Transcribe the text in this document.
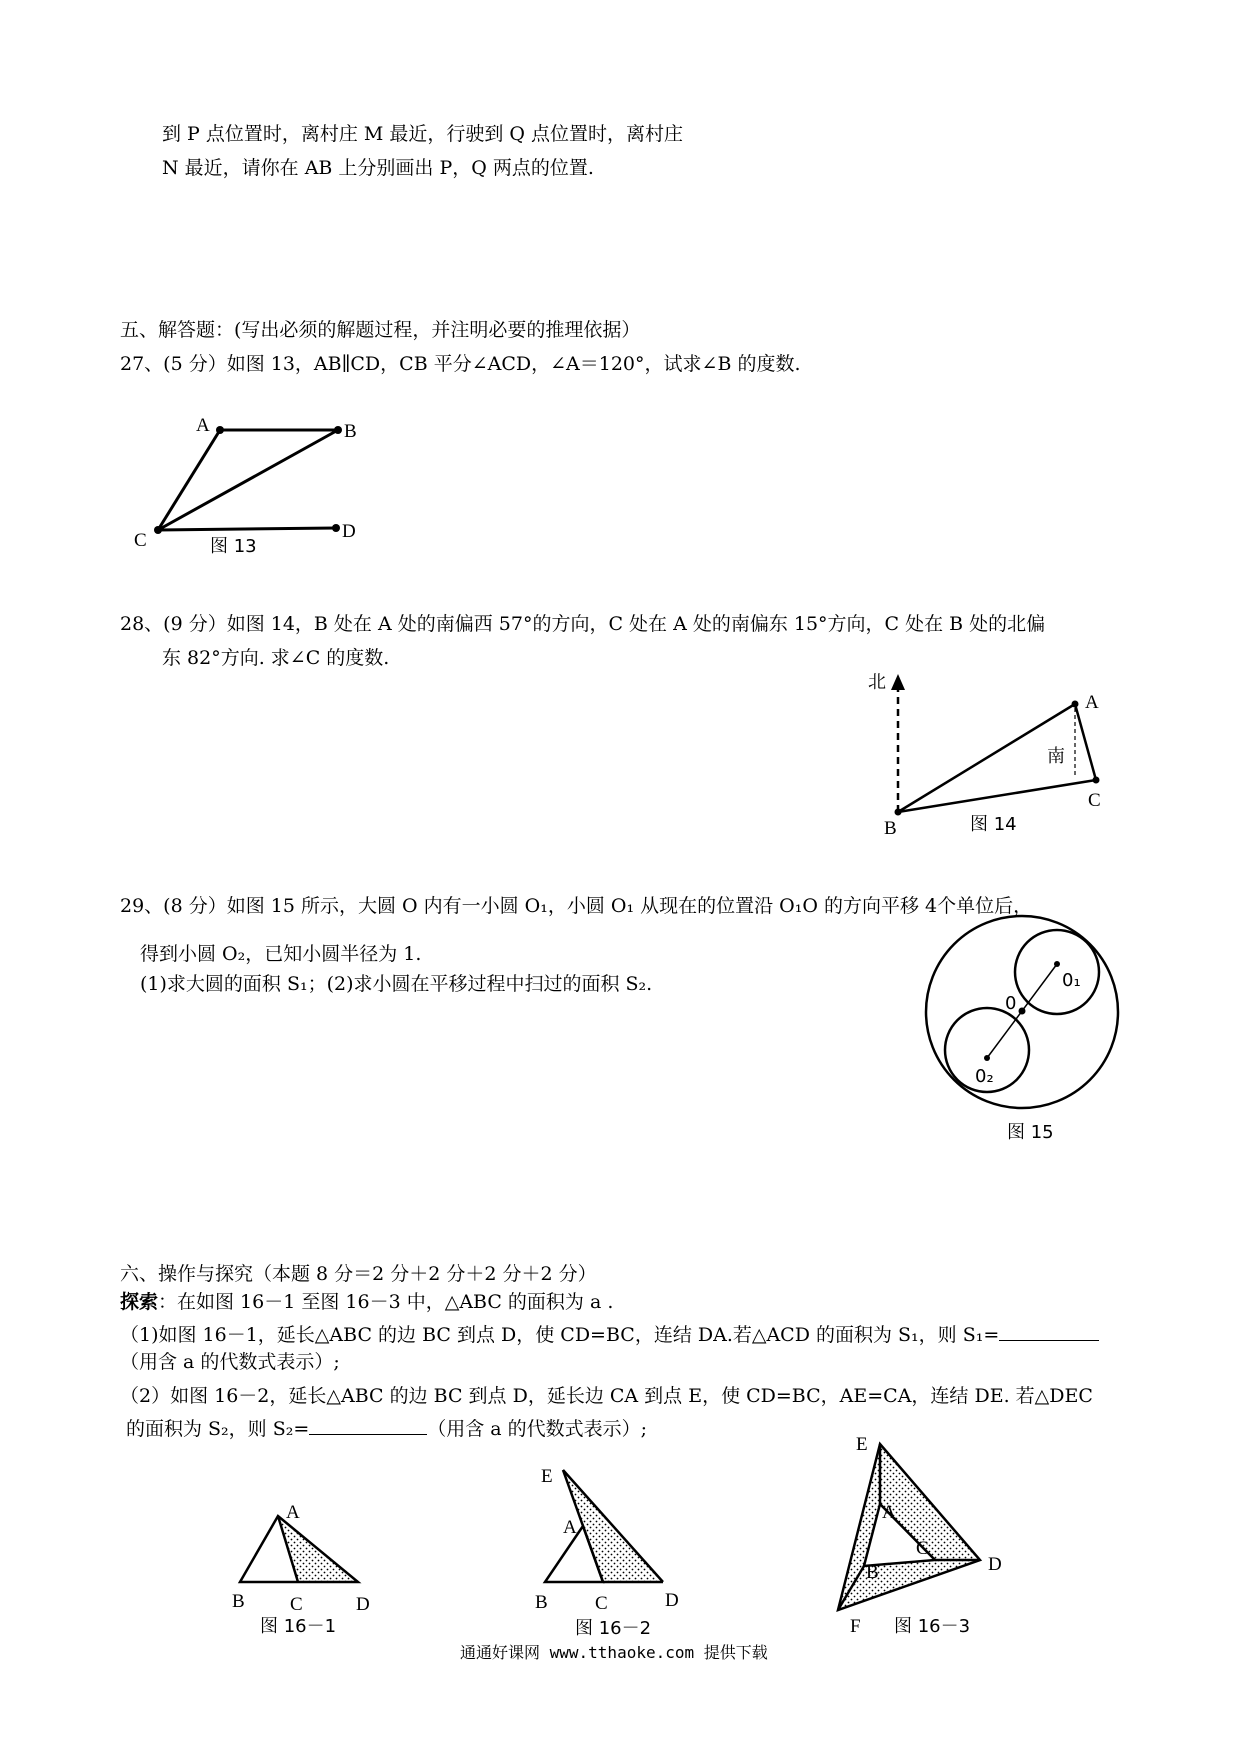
到 P 点位置时，离村庄 M 最近，行驶到 Q 点位置时，离村庄
N 最近，请你在 AB 上分别画出 P，Q 两点的位置.
五、解答题：(写出必须的解题过程，并注明必要的推理依据）
27、(5 分）如图 13，AB∥CD，CB 平分∠ACD，∠A＝120°，试求∠B 的度数.
A	B
C	D
图 13
28、(9 分）如图 14，B 处在 A 处的南偏西 57°的方向，C 处在 A 处的南偏东 15°方向，C 处在 B 处的北偏
东 82°方向. 求∠C 的度数.
北
南
A
B
C
图 14
29、(8 分）如图 15 所示，大圆 O 内有一小圆 O₁，小圆 O₁ 从现在的位置沿 O₁O 的方向平移 4个单位后，
得到小圆 O₂，已知小圆半径为 1.
(1)求大圆的面积 S₁；(2)求小圆在平移过程中扫过的面积 S₂.	0₁
0
0₂
图 15
六、操作与探究（本题 8 分＝2 分＋2 分＋2 分＋2 分）
探索：在如图 16－1 至图 16－3 中，△ABC 的面积为 a .
（1)如图 16－1，延长△ABC 的边 BC 到点 D，使 CD=BC，连结 DA.若△ACD 的面积为 S₁，则 S₁=
（用含 a 的代数式表示）;
（2）如图 16－2，延长△ABC 的边 BC 到点 D，延长边 CA 到点 E，使 CD=BC，AE=CA，连结 DE. 若△DEC
的面积为 S₂，则 S₂=	（用含 a 的代数式表示）;
A
B C	D
图 16－1
E
A
B C	D
图 16－2
E
A
B
C
D
F 图 16－3
通通好课网 www.tthaoke.com 提供下载
